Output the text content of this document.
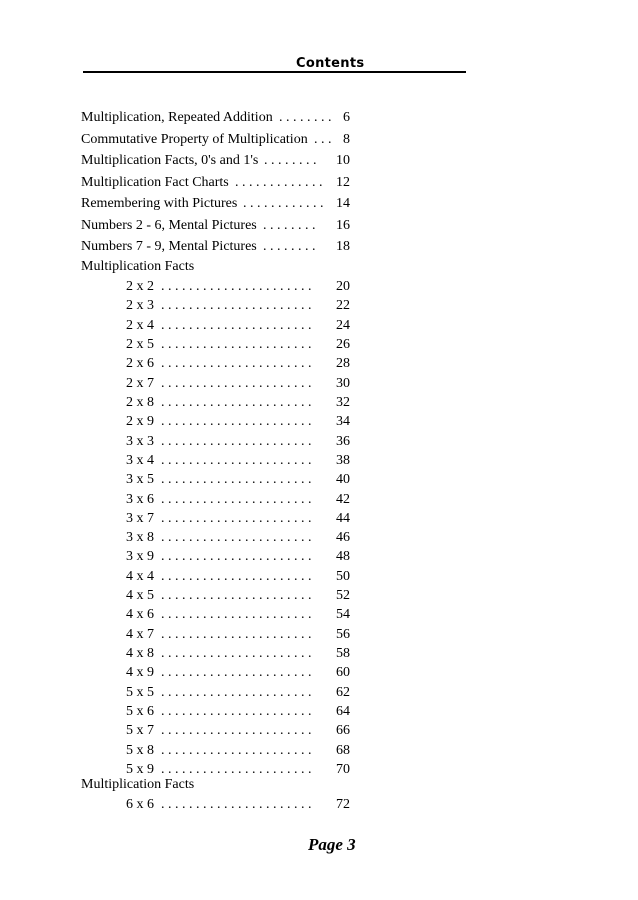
Contents
Multiplication, Repeated Addition . . . . . . . . 6
Commutative Property of Multiplication . . . 8
Multiplication Facts, 0's and 1's . . . . . . . .	10
Multiplication Fact Charts . . . . . . . . . . . . . 12
Remembering with Pictures . . . . . . . . . . . . 14
Numbers 2 - 6, Mental Pictures . . . . . . . .	16
Numbers 7 - 9, Mental Pictures . . . . . . . .	18
Multiplication Facts
2 x 2 . . . . . . . . . . . . . . . . . . . . . .	20
2 x 3 . . . . . . . . . . . . . . . . . . . . . .	22
2 x 4 . . . . . . . . . . . . . . . . . . . . . .	24
2 x 5 . . . . . . . . . . . . . . . . . . . . . .	26
2 x 6 . . . . . . . . . . . . . . . . . . . . . .	28
2 x 7 . . . . . . . . . . . . . . . . . . . . . .	30
2 x 8 . . . . . . . . . . . . . . . . . . . . . .	32
2 x 9 . . . . . . . . . . . . . . . . . . . . . .	34
3 x 3 . . . . . . . . . . . . . . . . . . . . . .	36
3 x 4 . . . . . . . . . . . . . . . . . . . . . .	38
3 x 5 . . . . . . . . . . . . . . . . . . . . . .	40
3 x 6 . . . . . . . . . . . . . . . . . . . . . .	42
3 x 7 . . . . . . . . . . . . . . . . . . . . . .	44
3 x 8 . . . . . . . . . . . . . . . . . . . . . .	46
3 x 9 . . . . . . . . . . . . . . . . . . . . . .	48
4 x 4 . . . . . . . . . . . . . . . . . . . . . .	50
4 x 5 . . . . . . . . . . . . . . . . . . . . . .	52
4 x 6 . . . . . . . . . . . . . . . . . . . . . .	54
4 x 7 . . . . . . . . . . . . . . . . . . . . . .	56
4 x 8 . . . . . . . . . . . . . . . . . . . . . .	58
4 x 9 . . . . . . . . . . . . . . . . . . . . . .	60
5 x 5 . . . . . . . . . . . . . . . . . . . . . .	62
5 x 6 . . . . . . . . . . . . . . . . . . . . . .	64
5 x 7 . . . . . . . . . . . . . . . . . . . . . .	66
5 x 8 . . . . . . . . . . . . . . . . . . . . . .	68
5 x 9 . . . . . . . . . . . . . . . . . . . . . .	70
Multiplication Facts
6 x 6 . . . . . . . . . . . . . . . . . . . . . .	72
Page 3
